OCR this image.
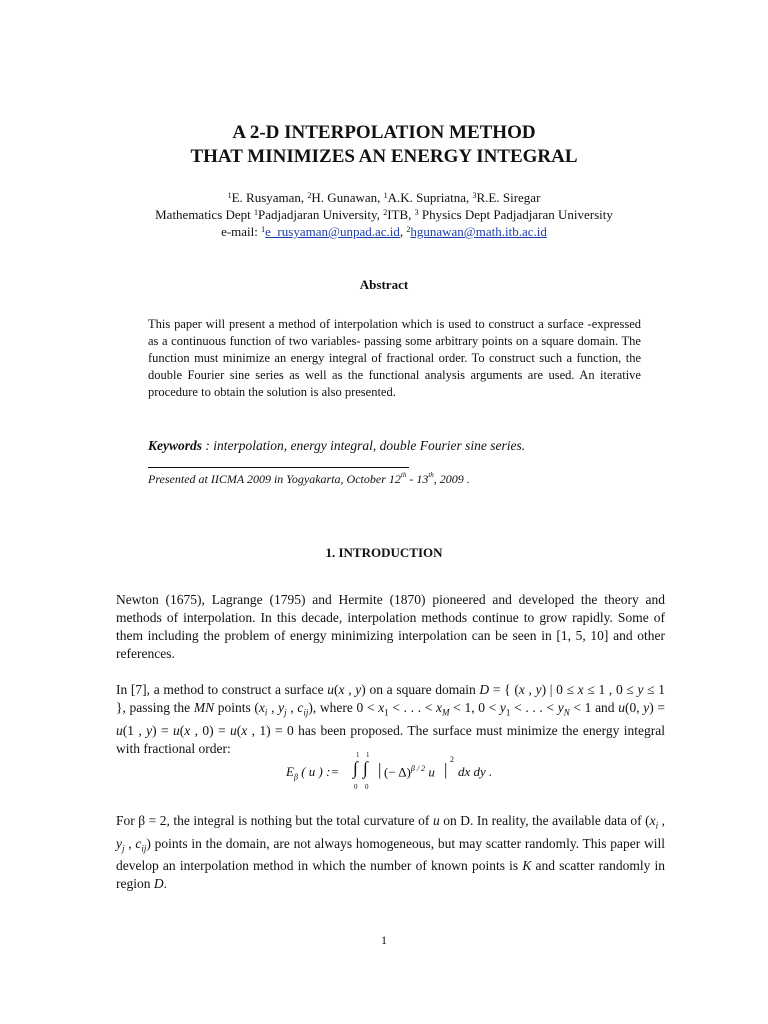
A 2-D INTERPOLATION METHOD
THAT MINIMIZES AN ENERGY INTEGRAL
$^1$E. Rusyaman, $^2$H. Gunawan, $^1$A.K. Supriatna, $^3$R.E. Siregar
Mathematics Dept $^1$Padjadjaran University, $^2$ITB, $^3$ Physics Dept Padjadjaran University
e-mail: $^1$e_rusyaman@unpad.ac.id, $^2$hgunawan@math.itb.ac.id
Abstract
This paper will present a method of interpolation which is used to construct a surface -expressed as a continuous function of two variables- passing some arbitrary points on a square domain. The function must minimize an energy integral of fractional order. To construct such a function, the double Fourier sine series as well as the functional analysis arguments are used. An iterative procedure to obtain the solution is also presented.
Keywords : interpolation, energy integral, double Fourier sine series.
Presented at IICMA 2009 in Yogyakarta, October 12th - 13th, 2009 .
1. INTRODUCTION
Newton (1675), Lagrange (1795) and Hermite (1870) pioneered and developed the theory and methods of interpolation. In this decade, interpolation methods continue to grow rapidly. Some of them including the problem of energy minimizing interpolation can be seen in [1, 5, 10] and other references.
In [7], a method to construct a surface u(x , y) on a square domain D = { (x , y) | 0 ≤ x ≤ 1 , 0 ≤ y ≤ 1 }, passing the MN points ($x_i$ , $y_j$ , $c_{ij}$), where $0 < x_1$ < . . . < $x_M < 1$, $0 < y_1$ < . . . < $y_N < 1$ and u(0, y) = u(1 , y) = u(x , 0) = u(x , 1) = 0 has been proposed. The surface must minimize the energy integral with fractional order:
$E_\beta$ ( u ) :=
1 1
∫ ∫
0 0
| (− Δ)$^{\beta / 2}$ u |
2
dx dy .
For β = 2, the integral is nothing but the total curvature of u on D. In reality, the available data of ($x_i$ , $y_j$ , $c_{ij}$) points in the domain, are not always homogeneous, but may scatter randomly. This paper will develop an interpolation method in which the number of known points is K and scatter randomly in region D.
1
